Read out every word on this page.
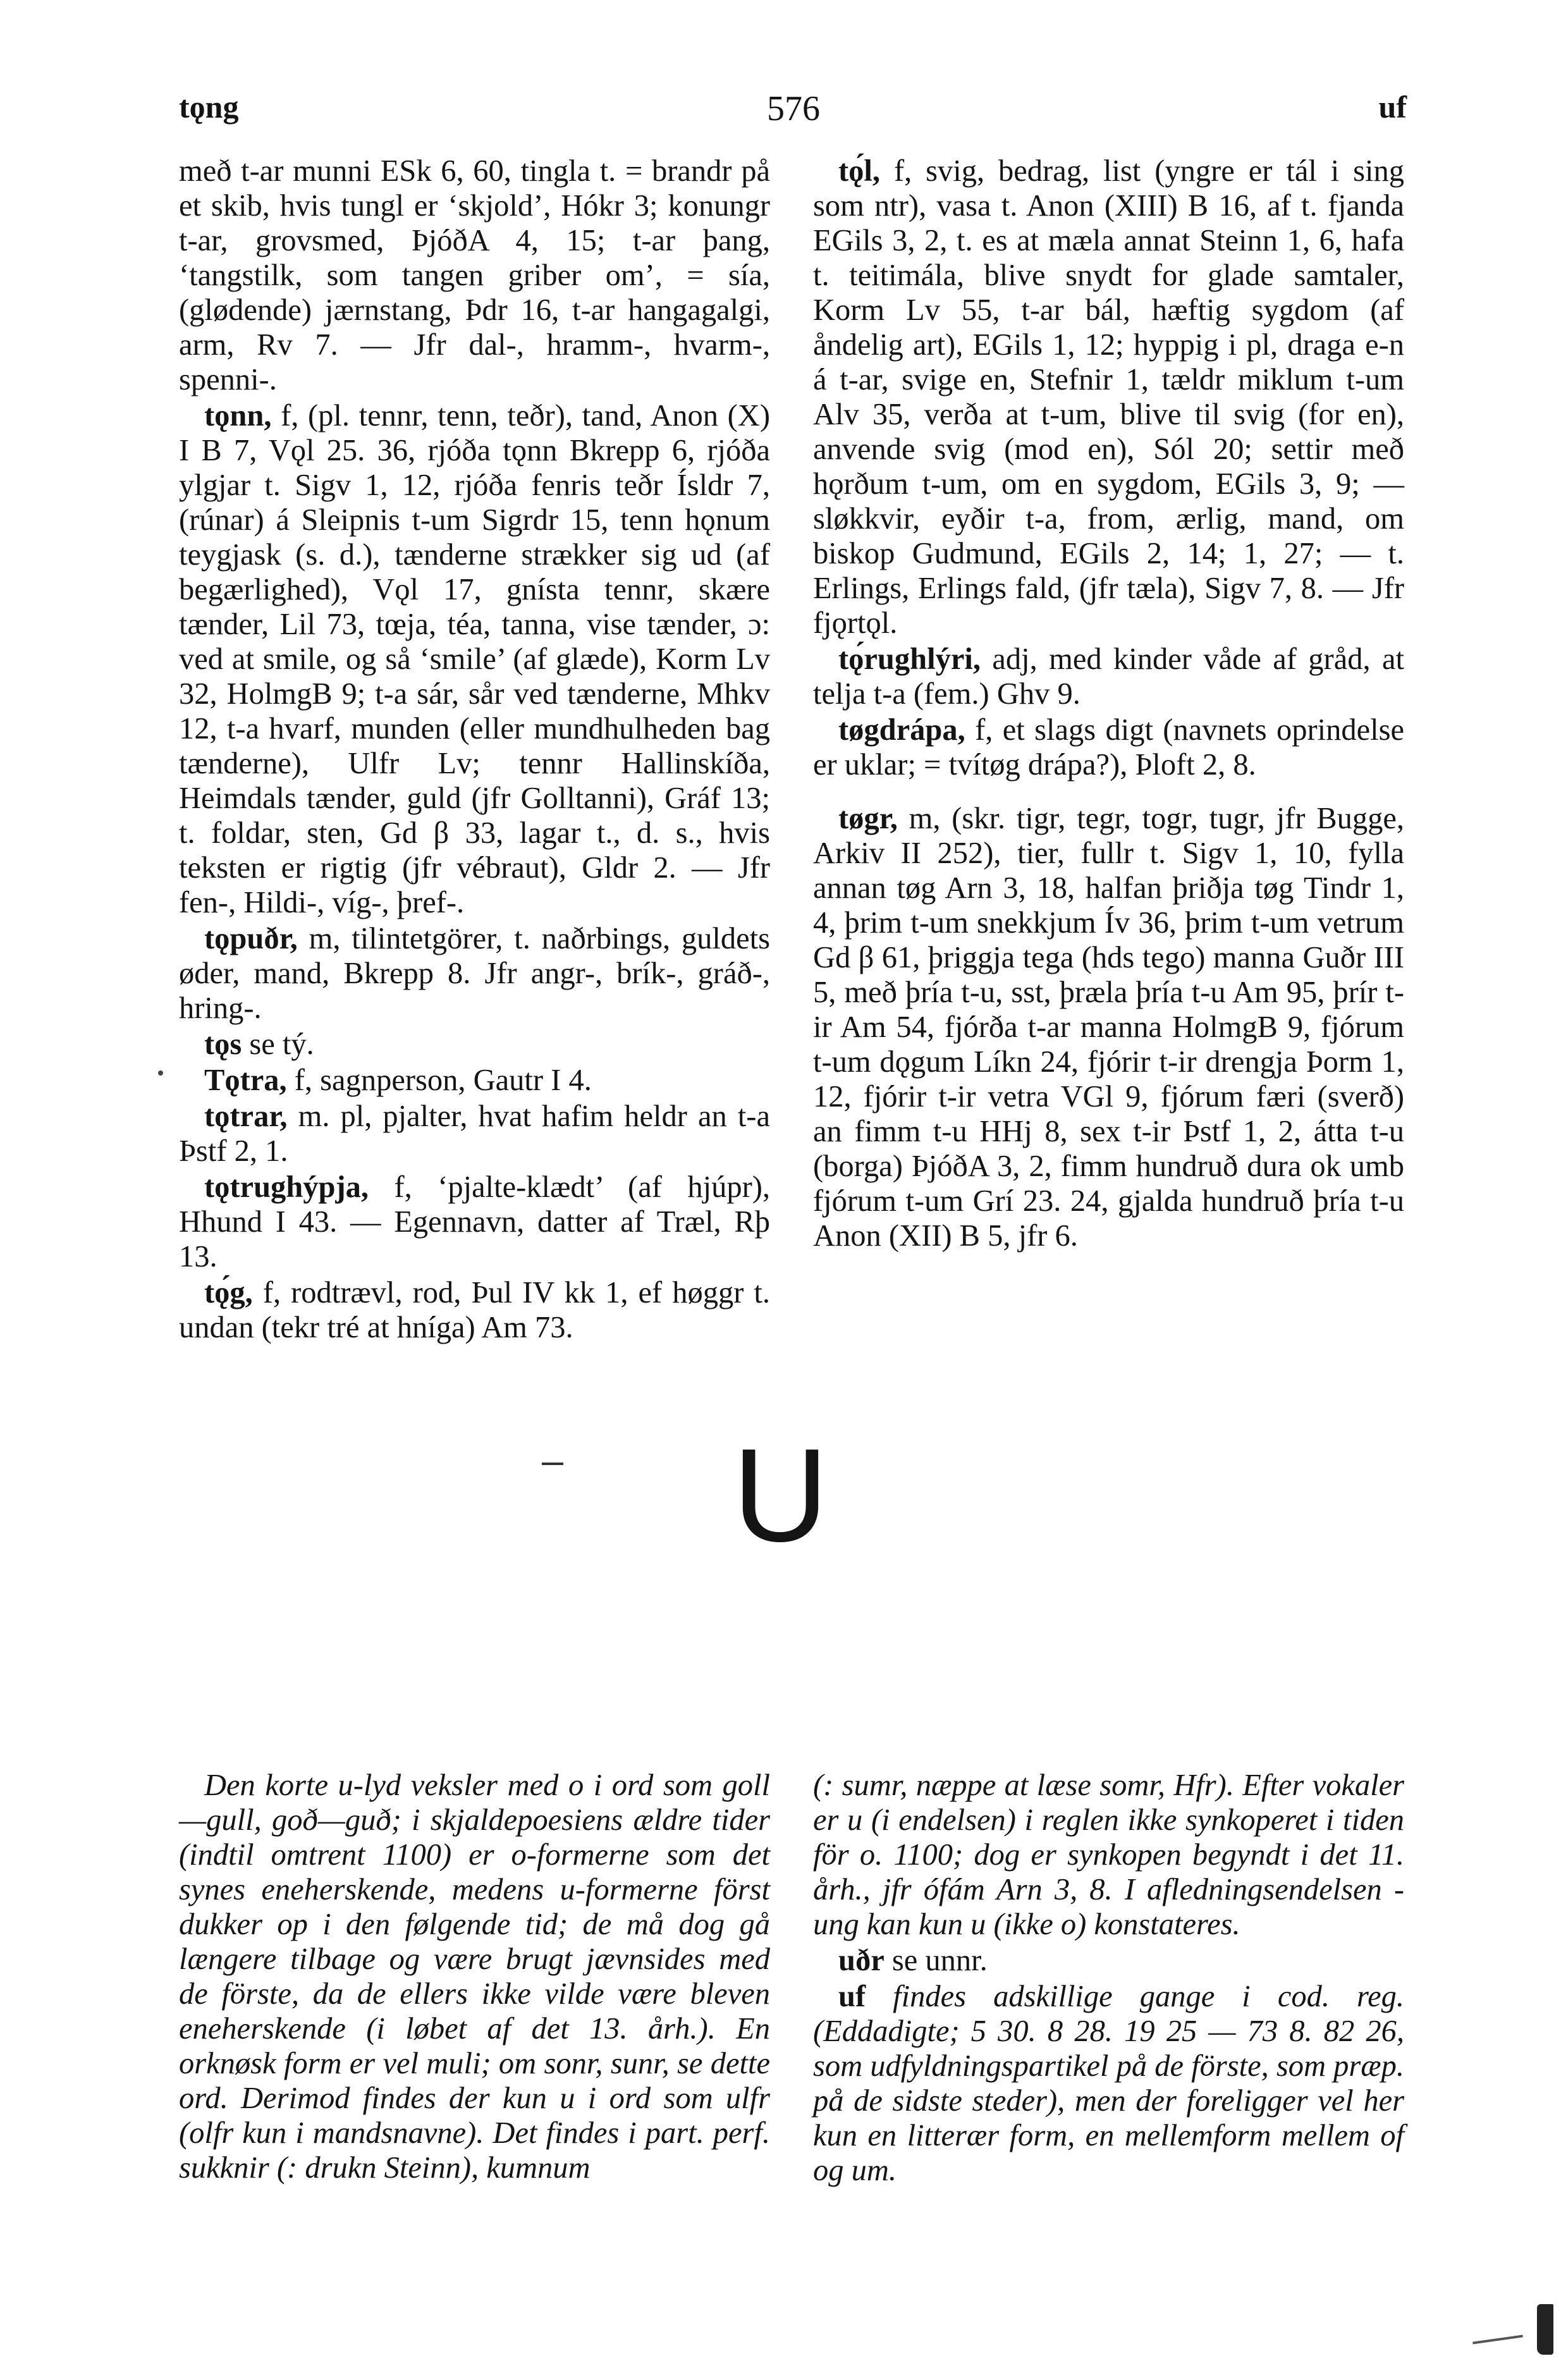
tǫng	576	uf

með t-ar munni ESk 6, 60, tingla t. = brandr på et skib, hvis tungl er ‘skjold’, Hókr 3; konungr t-ar, grovsmed, ÞjóðA 4, 15; t-ar þang, ‘tangstilk, som tangen griber om’, = sía, (glødende) jærnstang, Þdr 16, t-ar hangagalgi, arm, Rv 7. — Jfr dal-, hramm-, hvarm-, spenni-.

tǫnn, f, (pl. tennr, tenn, teðr), tand, Anon (X) I B 7, Vǫl 25. 36, rjóða tǫnn Bkrepp 6, rjóða ylgjar t. Sigv 1, 12, rjóða fenris teðr Ísldr 7, (rúnar) á Sleipnis t-um Sigrdr 15, tenn hǫnum teygjask (s. d.), tænderne strækker sig ud (af begærlighed), Vǫl 17, gnísta tennr, skære tænder, Lil 73, tœja, téa, tanna, vise tænder, ɔ: ved at smile, og så ‘smile’ (af glæde), Korm Lv 32, HolmgB 9; t-a sár, sår ved tænderne, Mhkv 12, t-a hvarf, munden (eller mundhulheden bag tænderne), Ulfr Lv; tennr Hallinskíða, Heimdals tænder, guld (jfr Golltanni), Gráf 13; t. foldar, sten, Gd β 33, lagar t., d. s., hvis teksten er rigtig (jfr vébraut), Gldr 2. — Jfr fen-, Hildi-, víg-, þref-.

tǫpuðr, m, tilintetgörer, t. naðrbings, guldets øder, mand, Bkrepp 8. Jfr angr-, brík-, gráð-, hring-.

tǫs se tý.

Tǫtra, f, sagnperson, Gautr I 4.

tǫtrar, m. pl, pjalter, hvat hafim heldr an t-a Þstf 2, 1.

tǫtrughýpja, f, ‘pjalte-klædt’ (af hjúpr), Hhund I 43. — Egennavn, datter af Træl, Rþ 13.

tǫ́g, f, rodtrævl, rod, Þul IV kk 1, ef høggr t. undan (tekr tré at hníga) Am 73.

tǫ́l, f, svig, bedrag, list (yngre er tál i sing som ntr), vasa t. Anon (XIII) B 16, af t. fjanda EGils 3, 2, t. es at mæla annat Steinn 1, 6, hafa t. teitimála, blive snydt for glade samtaler, Korm Lv 55, t-ar bál, hæftig sygdom (af åndelig art), EGils 1, 12; hyppig i pl, draga e-n á t-ar, svige en, Stefnir 1, tældr miklum t-um Alv 35, verða at t-um, blive til svig (for en), anvende svig (mod en), Sól 20; settir með hǫrðum t-um, om en sygdom, EGils 3, 9; — sløkkvir, eyðir t-a, from, ærlig, mand, om biskop Gudmund, EGils 2, 14; 1, 27; — t. Erlings, Erlings fald, (jfr tæla), Sigv 7, 8. — Jfr fjǫrtǫl.

tǫ́rughlýri, adj, med kinder våde af gråd, at telja t-a (fem.) Ghv 9.

tøgdrápa, f, et slags digt (navnets oprindelse er uklar; = tvítøg drápa?), Þloft 2, 8.

tøgr, m, (skr. tigr, tegr, togr, tugr, jfr Bugge, Arkiv II 252), tier, fullr t. Sigv 1, 10, fylla annan tøg Arn 3, 18, halfan þriðja tøg Tindr 1, 4, þrim t-um snekkjum Ív 36, þrim t-um vetrum Gd β 61, þriggja tega (hds tego) manna Guðr III 5, með þría t-u, sst, þræla þría t-u Am 95, þrír t-ir Am 54, fjórða t-ar manna HolmgB 9, fjórum t-um dǫgum Líkn 24, fjórir t-ir drengja Þorm 1, 12, fjórir t-ir vetra VGl 9, fjórum færi (sverð) an fimm t-u HHj 8, sex t-ir Þstf 1, 2, átta t-u (borga) ÞjóðA 3, 2, fimm hundruð dura ok umb fjórum t-um Grí 23. 24, gjalda hundruð þría t-u Anon (XII) B 5, jfr 6.

U

Den korte u-lyd veksler med o i ord som goll—gull, goð—guð; i skjaldepoesiens ældre tider (indtil omtrent 1100) er o-formerne som det synes eneherskende, medens u-formerne först dukker op i den følgende tid; de må dog gå længere tilbage og være brugt jævnsides med de förste, da de ellers ikke vilde være bleven eneherskende (i løbet af det 13. årh.). En orknøsk form er vel muli; om sonr, sunr, se dette ord. Derimod findes der kun u i ord som ulfr (olfr kun i mandsnavne). Det findes i part. perf. sukknir (: drukn Steinn), kumnum

(: sumr, næppe at læse somr, Hfr). Efter vokaler er u (i endelsen) i reglen ikke synkoperet i tiden för o. 1100; dog er synkopen begyndt i det 11. årh., jfr ófám Arn 3, 8. I afledningsendelsen -ung kan kun u (ikke o) konstateres.

uðr se unnr.

uf findes adskillige gange i cod. reg. (Eddadigte; 5 30. 8 28. 19 25 — 73 8. 82 26, som udfyldningspartikel på de förste, som præp. på de sidste steder), men der foreligger vel her kun en litterær form, en mellemform mellem of og um.
